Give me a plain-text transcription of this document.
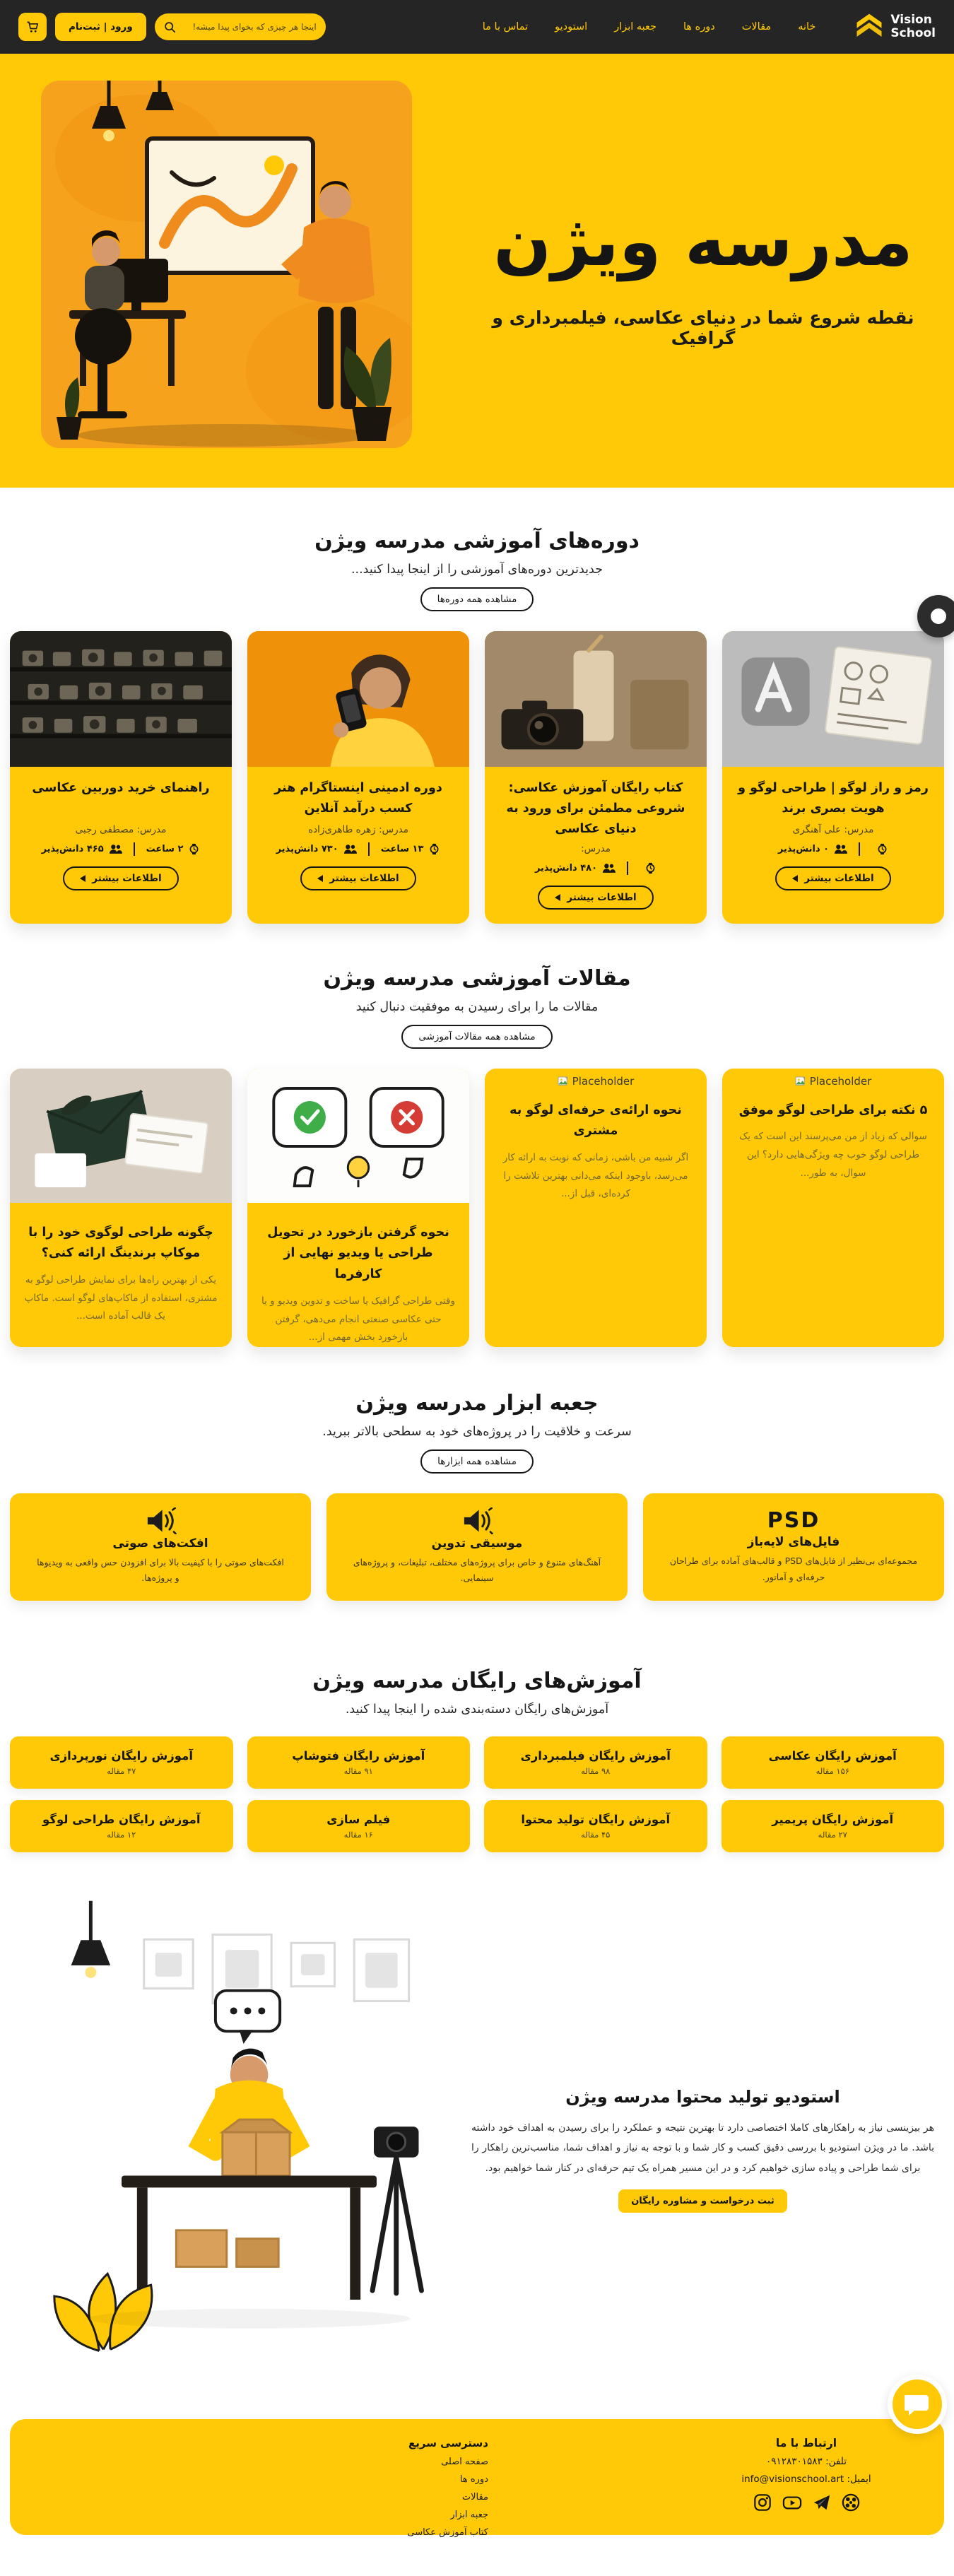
Vision
School
خانه
مقالات
دوره ها
جعبه ابزار
استودیو
تماس با ما
اینجا هر چیزی که بخوای پیدا میشه!
ورود | ثبت‌نام
مدرسه ویژن
نقطه شروع شما در دنیای عکاسی، فیلمبرداری و گرافیک
دوره‌های آموزشی مدرسه ویژن

جدیدترین دوره‌های آموزشی را از اینجا پیدا کنید...

مشاهده همه دوره‌ها
رمز و راز لوگو | طراحی لوگو و هویت بصری برند

مدرس: علی آهنگری

۰ دانش‌پذیر
اطلاعات بیشتر
کتاب رایگان آموزش عکاسی: شروعی مطمئن برای ورود به دنیای عکاسی

مدرس:

۴۸۰ دانش‌پذیر
اطلاعات بیشتر
دوره ادمینی اینستاگرام هنر کسب درآمد آنلاین

مدرس: زهره طاهری‌زاده

۱۳ ساعت
۷۳۰ دانش‌پذیر
اطلاعات بیشتر
راهنمای خرید دوربین عکاسی

مدرس: مصطفی رجبی

۲ ساعت
۴۶۵ دانش‌پذیر
اطلاعات بیشتر
مقالات آموزشی مدرسه ویژن

مقالات ما را برای رسیدن به موفقیت دنبال کنید

مشاهده همه مقالات آموزشی
Placeholder
۵ نکته برای طراحی لوگو موفق

سوالی که زیاد از من می‌پرسند این است که یک طراحی لوگو خوب چه ویژگی‌هایی دارد؟ این سوال، به طور...

Placeholder
نحوه ارائه‌ی حرفه‌ای لوگو به مشتری

اگر شبیه من باشی، زمانی که نوبت به ارائه کار می‌رسد، باوجود اینکه می‌دانی بهترین تلاشت را کرده‌ای، قبل از...

نحوه گرفتن بازخورد در تحویل طراحی یا ویدیو نهایی از کارفرما

وقتی طراحی گرافیک یا ساخت و تدوین ویدیو و یا حتی عکاسی صنعتی انجام می‌دهی، گرفتن بازخورد بخش مهمی از...

چگونه طراحی لوگوی خود را با موکاپ برندینگ ارائه کنی؟

یکی از بهترین راه‌ها برای نمایش طراحی لوگو به مشتری، استفاده از ماکاپ‌های لوگو است. ماکاپ یک قالب آماده است...

جعبه ابزار مدرسه ویژن

سرعت و خلاقیت را در پروژه‌های خود به سطحی بالاتر ببرید.

مشاهده همه ابزارها
PSD
فایل‌های لایه‌باز
مجموعه‌ای بی‌نظیر از فایل‌های PSD و قالب‌های آماده برای طراحان حرفه‌ای و آماتور.
موسیقی تدوین
آهنگ‌های متنوع و خاص برای پروژه‌های مختلف، تبلیغات، و پروژه‌های سینمایی.
افکت‌های صوتی
افکت‌های صوتی را با کیفیت بالا برای افزودن حس واقعی به ویدیوها و پروژه‌ها.
آموزش‌های رایگان مدرسه ویژن

آموزش‌های رایگان دسته‌بندی شده را اینجا پیدا کنید.

آموزش رایگان عکاسی
۱۵۶ مقاله
آموزش رایگان فیلمبرداری
۹۸ مقاله
آموزش رایگان فتوشاپ
۹۱ مقاله
آموزش رایگان نورپردازی
۴۷ مقاله
آموزش رایگان پریمیر
۲۷ مقاله
آموزش رایگان تولید محتوا
۴۵ مقاله
فیلم سازی
۱۶ مقاله
آموزش رایگان طراحی لوگو
۱۲ مقاله
استودیو تولید محتوا مدرسه ویژن

هر بیزینسی نیاز به راهکارهای کاملا اختصاصی دارد تا بهترین نتیجه و عملکرد را برای رسیدن به اهداف خود داشته باشد. ما در ویژن استودیو با بررسی دقیق کسب و کار شما و با توجه به نیاز و اهداف شما، مناسب‌ترین راهکار را برای شما طراحی و پیاده سازی خواهیم کرد و در این مسیر همراه یک تیم حرفه‌ای در کنار شما خواهیم بود.

ثبت درخواست و مشاوره رایگان
ارتباط با ما
تلفن: ۰۹۱۲۸۳۰۱۵۸۳
ایمیل: info@visionschool.art
دسترسی سریع
صفحه اصلی
دوره ها
مقالات
جعبه ابزار
کتاب آموزش عکاسی
